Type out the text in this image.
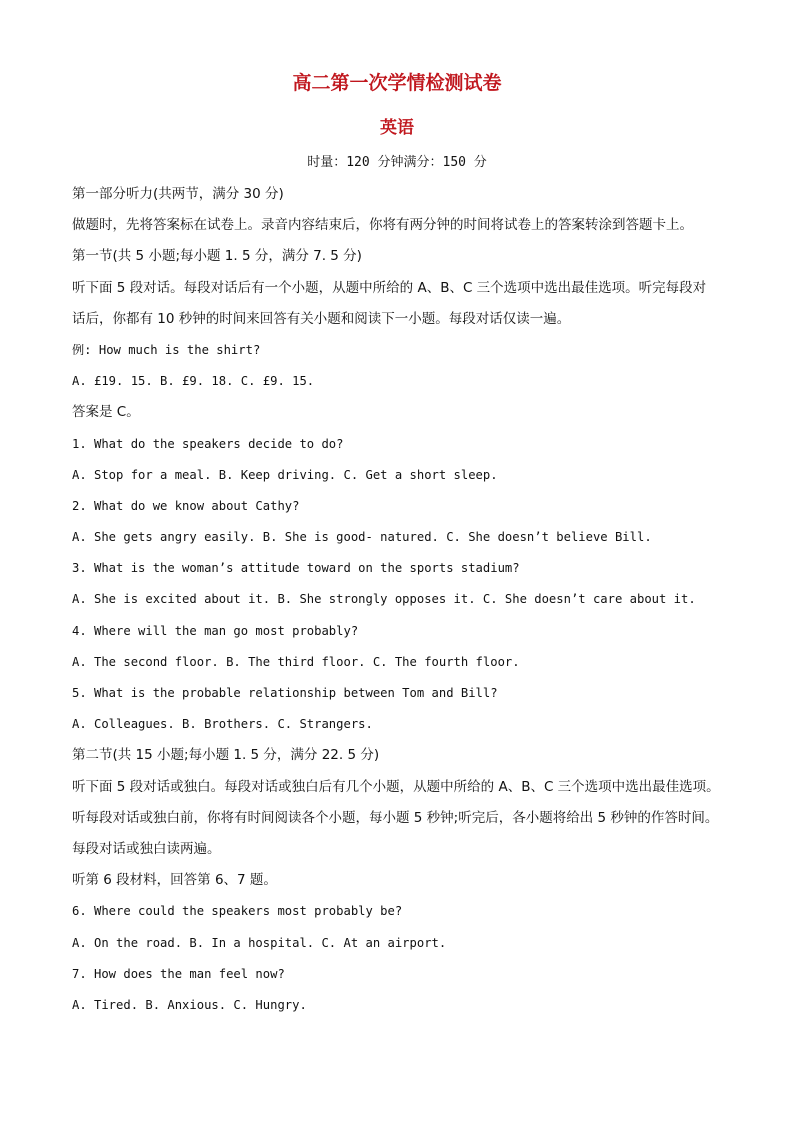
高二第一次学情检测试卷
英语
时量：120 分钟满分：150 分
第一部分听力(共两节，满分 30 分)
做题时，先将答案标在试卷上。录音内容结束后，你将有两分钟的时间将试卷上的答案转涂到答题卡上。
第一节(共 5 小题;每小题 1. 5 分，满分 7. 5 分)
听下面 5 段对话。每段对话后有一个小题，从题中所给的 A、B、C 三个选项中选出最佳选项。听完每段对
话后，你都有 10 秒钟的时间来回答有关小题和阅读下一小题。每段对话仅读一遍。
例: How much is the shirt?
A. £19. 15. B. £9. 18. C. £9. 15.
答案是 C。
1. What do the speakers decide to do?
A. Stop for a meal. B. Keep driving. C. Get a short sleep.
2. What do we know about Cathy?
A. She gets angry easily. B. She is good- natured. C. She doesn’t believe Bill.
3. What is the woman’s attitude toward on the sports stadium?
A. She is excited about it. B. She strongly opposes it. C. She doesn’t care about it.
4. Where will the man go most probably?
A. The second floor. B. The third floor. C. The fourth floor.
5. What is the probable relationship between Tom and Bill?
A. Colleagues. B. Brothers. C. Strangers.
第二节(共 15 小题;每小题 1. 5 分，满分 22. 5 分)
听下面 5 段对话或独白。每段对话或独白后有几个小题，从题中所给的 A、B、C 三个选项中选出最佳选项。
听每段对话或独白前，你将有时间阅读各个小题，每小题 5 秒钟;听完后，各小题将给出 5 秒钟的作答时间。
每段对话或独白读两遍。
听第 6 段材料，回答第 6、7 题。
6. Where could the speakers most probably be?
A. On the road. B. In a hospital. C. At an airport.
7. How does the man feel now?
A. Tired. B. Anxious. C. Hungry.
